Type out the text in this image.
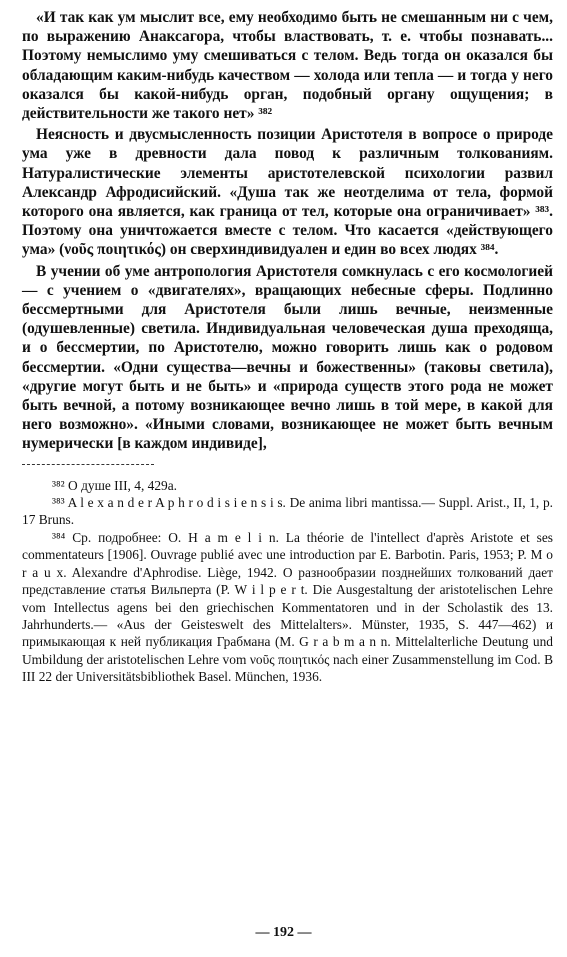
«И так как ум мыслит все, ему необходимо быть не смешанным ни с чем, по выражению Анаксагора, чтобы властвовать, т. е. чтобы познавать... Поэтому немыслимо уму смешиваться с телом. Ведь тогда он оказался бы обладающим каким-нибудь качеством — холода или тепла — и тогда у него оказался бы какой-нибудь орган, подобный органу ощущения; в действительности же такого нет» ³⁸²

Неясность и двусмысленность позиции Аристотеля в вопросе о природе ума уже в древности дала повод к различным толкованиям. Натуралистические элементы аристотелевской психологии развил Александр Афродисийский. «Душа так же неотделима от тела, формой которого она является, как граница от тел, которые она ограничивает» ³⁸³. Поэтому она уничтожается вместе с телом. Что касается «действующего ума» (νοῦς ποιητικός) он сверхиндивидуален и един во всех людях ³⁸⁴.

В учении об уме антропология Аристотеля сомкнулась с его космологией — с учением о «двигателях», вращающих небесные сферы. Подлинно бессмертными для Аристотеля были лишь вечные, неизменные (одушевленные) светила. Индивидуальная человеческая душа преходяща, и о бессмертии, по Аристотелю, можно говорить лишь как о родовом бессмертии. «Одни существа—вечны и божественны» (таковы светила), «другие могут быть и не быть» и «природа существ этого рода не может быть вечной, а потому возникающее вечно лишь в той мере, в какой для него возможно». «Иными словами, возникающее не может быть вечным нумерически [в каждом индивиде],

³⁸² О душе III, 4, 429a.

³⁸³ A l e x a n d e r A p h r o d i s i e n s i s. De anima libri mantissa.— Suppl. Arist., II, 1, p. 17 Bruns.

³⁸⁴ Ср. подробнее: O. H a m e l i n. La théorie de l'intellect d'après Aristote et ses commentateurs [1906]. Ouvrage publié avec une introduction par E. Barbotin. Paris, 1953; P. M o r a u x. Alexandre d'Aphrodise. Liège, 1942. О разнообразии позднейших толкований дает представление статья Вильперта (P. W i l p e r t. Die Ausgestaltung der aristotelischen Lehre vom Intellectus agens bei den griechischen Kommentatoren und in der Scholastik des 13. Jahrhunderts.— «Aus der Geisteswelt des Mittelalters». Münster, 1935, S. 447—462) и примыкающая к ней публикация Грабмана (M. G r a b m a n n. Mittelalterliche Deutung und Umbildung der aristotelischen Lehre vom νοῦς ποιητικός nach einer Zusammenstellung im Cod. B III 22 der Universitätsbibliothek Basel. München, 1936.

— 192 —
